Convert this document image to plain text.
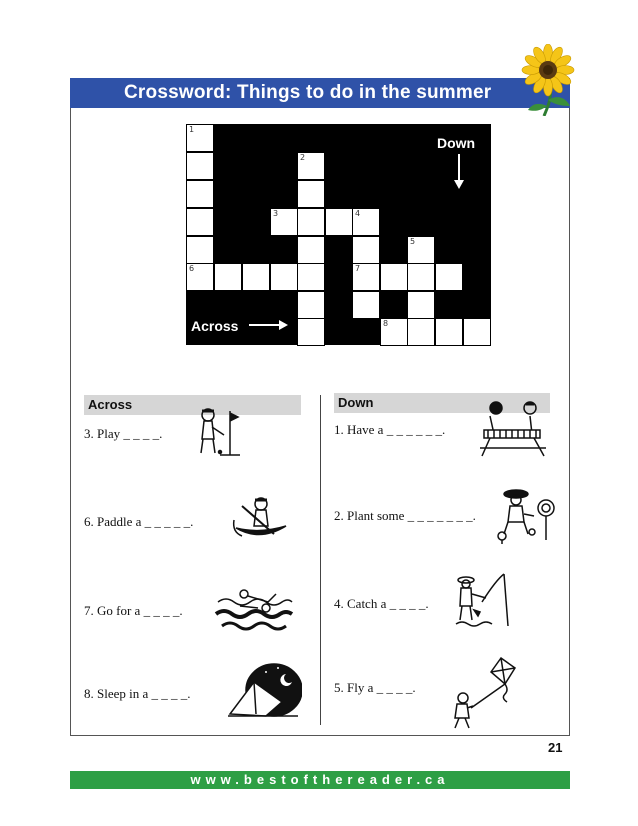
Crossword: Things to do in the summer
1
6
2
3	4
7
5
8
Down
Across
Across	Down
3. Play _ _ _ _.
6. Paddle a _ _ _ _ _.
7. Go for a _ _ _ _.
8. Sleep in a _ _ _ _.
1. Have a _ _ _ _ _ _.
2. Plant some _ _ _ _ _ _ _.
4. Catch a _ _ _ _.
5. Fly a _ _ _ _.
21
www.bestofthereader.ca
